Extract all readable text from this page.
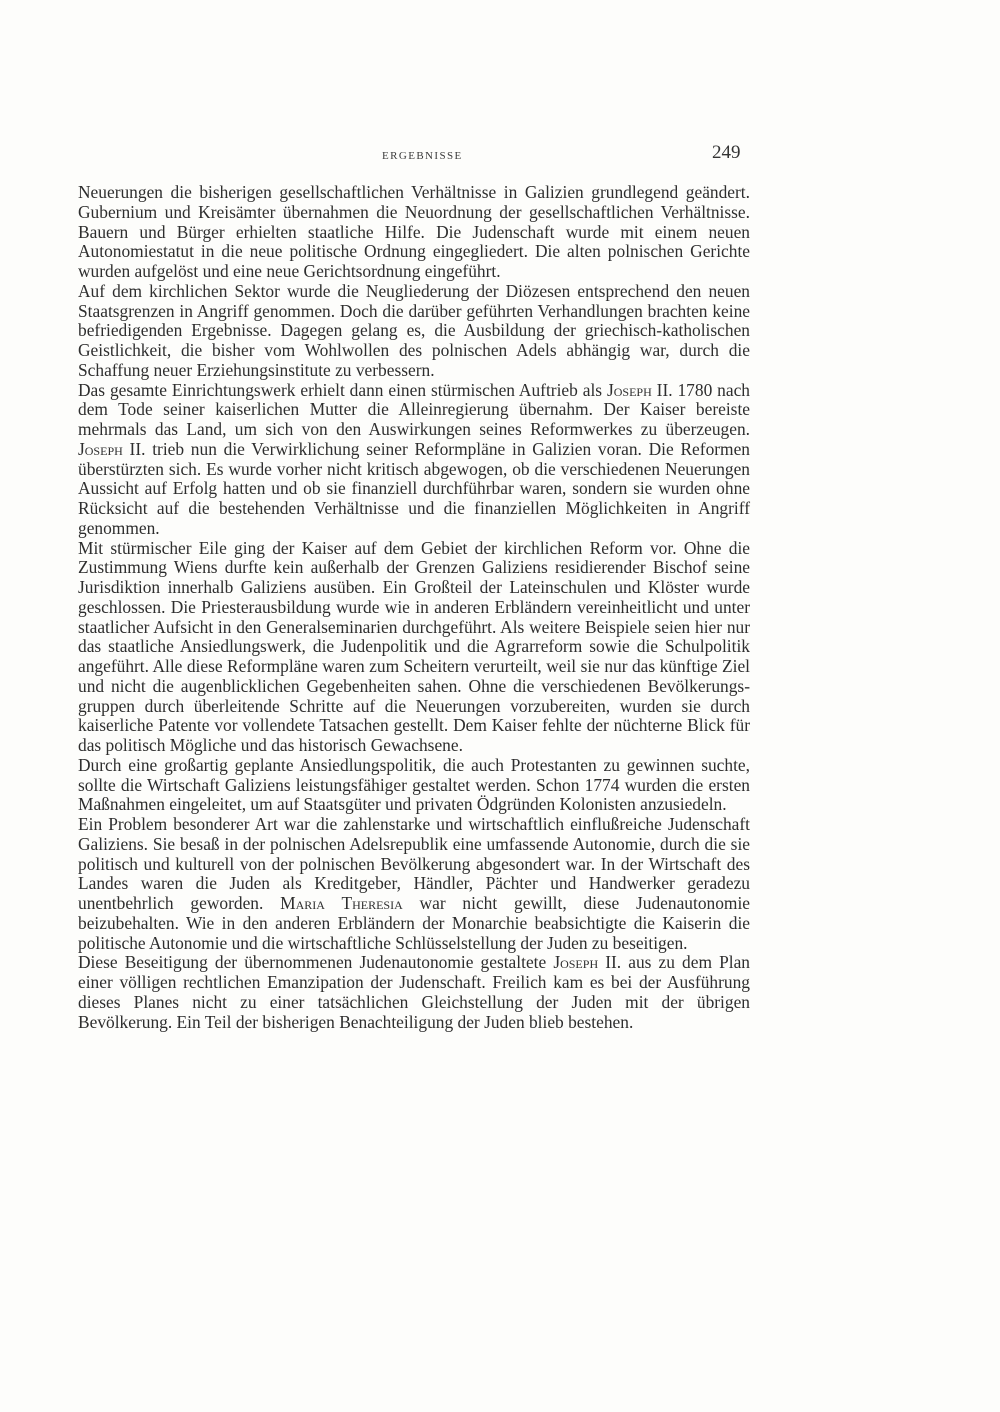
ERGEBNISSE	249

Neuerungen die bisherigen gesellschaftlichen Verhältnisse in Galizien grundlegend geändert. Gubernium und Kreisämter übernahmen die Neuordnung der gesellschaftlichen Verhältnisse. Bauern und Bürger erhielten staatliche Hilfe. Die Judenschaft wurde mit einem neuen Autonomiestatut in die neue politische Ordnung eingegliedert. Die alten polnischen Gerichte wurden aufgelöst und eine neue Gerichtsordnung eingeführt.

Auf dem kirchlichen Sektor wurde die Neugliederung der Diözesen entsprechend den neuen Staatsgrenzen in Angriff genommen. Doch die darüber geführten Verhandlungen brachten keine befriedigenden Ergebnisse. Dagegen gelang es, die Ausbildung der griechisch-katholischen Geistlichkeit, die bisher vom Wohlwollen des polnischen Adels abhängig war, durch die Schaffung neuer Erziehungsinstitute zu verbessern.

Das gesamte Einrichtungswerk erhielt dann einen stürmischen Auftrieb als Joseph II. 1780 nach dem Tode seiner kaiserlichen Mutter die Alleinregierung übernahm. Der Kaiser bereiste mehrmals das Land, um sich von den Auswirkungen seines Reformwerkes zu überzeugen. Joseph II. trieb nun die Verwirklichung seiner Reformpläne in Galizien voran. Die Reformen überstürzten sich. Es wurde vorher nicht kritisch abgewogen, ob die verschiedenen Neuerungen Aussicht auf Erfolg hatten und ob sie finanziell durchführbar waren, sondern sie wurden ohne Rücksicht auf die bestehenden Verhältnisse und die finanziellen Möglichkeiten in Angriff genommen.

Mit stürmischer Eile ging der Kaiser auf dem Gebiet der kirchlichen Reform vor. Ohne die Zustimmung Wiens durfte kein außerhalb der Grenzen Galiziens residierender Bischof seine Jurisdiktion innerhalb Galiziens ausüben. Ein Großteil der Lateinschulen und Klöster wurde geschlossen. Die Priesterausbildung wurde wie in anderen Erbländern vereinheitlicht und unter staatlicher Aufsicht in den Generalseminarien durchgeführt. Als weitere Beispiele seien hier nur das staatliche Ansiedlungswerk, die Judenpolitik und die Agrarreform sowie die Schulpolitik angeführt. Alle diese Reformpläne waren zum Scheitern verurteilt, weil sie nur das künftige Ziel und nicht die augenblicklichen Gegebenheiten sahen. Ohne die verschiedenen Bevölkerungsgruppen durch überleitende Schritte auf die Neuerungen vorzubereiten, wurden sie durch kaiserliche Patente vor vollendete Tatsachen gestellt. Dem Kaiser fehlte der nüchterne Blick für das politisch Mögliche und das historisch Gewachsene.

Durch eine großartig geplante Ansiedlungspolitik, die auch Protestanten zu gewinnen suchte, sollte die Wirtschaft Galiziens leistungsfähiger gestaltet werden. Schon 1774 wurden die ersten Maßnahmen eingeleitet, um auf Staatsgüter und privaten Ödgründen Kolonisten anzusiedeln.

Ein Problem besonderer Art war die zahlenstarke und wirtschaftlich einflußreiche Judenschaft Galiziens. Sie besaß in der polnischen Adelsrepublik eine umfassende Autonomie, durch die sie politisch und kulturell von der polnischen Bevölkerung abgesondert war. In der Wirtschaft des Landes waren die Juden als Kreditgeber, Händler, Pächter und Handwerker geradezu unentbehrlich geworden. Maria Theresia war nicht gewillt, diese Judenautonomie beizubehalten. Wie in den anderen Erbländern der Monarchie beabsichtigte die Kaiserin die politische Autonomie und die wirtschaftliche Schlüsselstellung der Juden zu beseitigen.

Diese Beseitigung der übernommenen Judenautonomie gestaltete Joseph II. aus zu dem Plan einer völligen rechtlichen Emanzipation der Judenschaft. Freilich kam es bei der Ausführung dieses Planes nicht zu einer tatsächlichen Gleichstellung der Juden mit der übrigen Bevölkerung. Ein Teil der bisherigen Benachteiligung der Juden blieb bestehen.
